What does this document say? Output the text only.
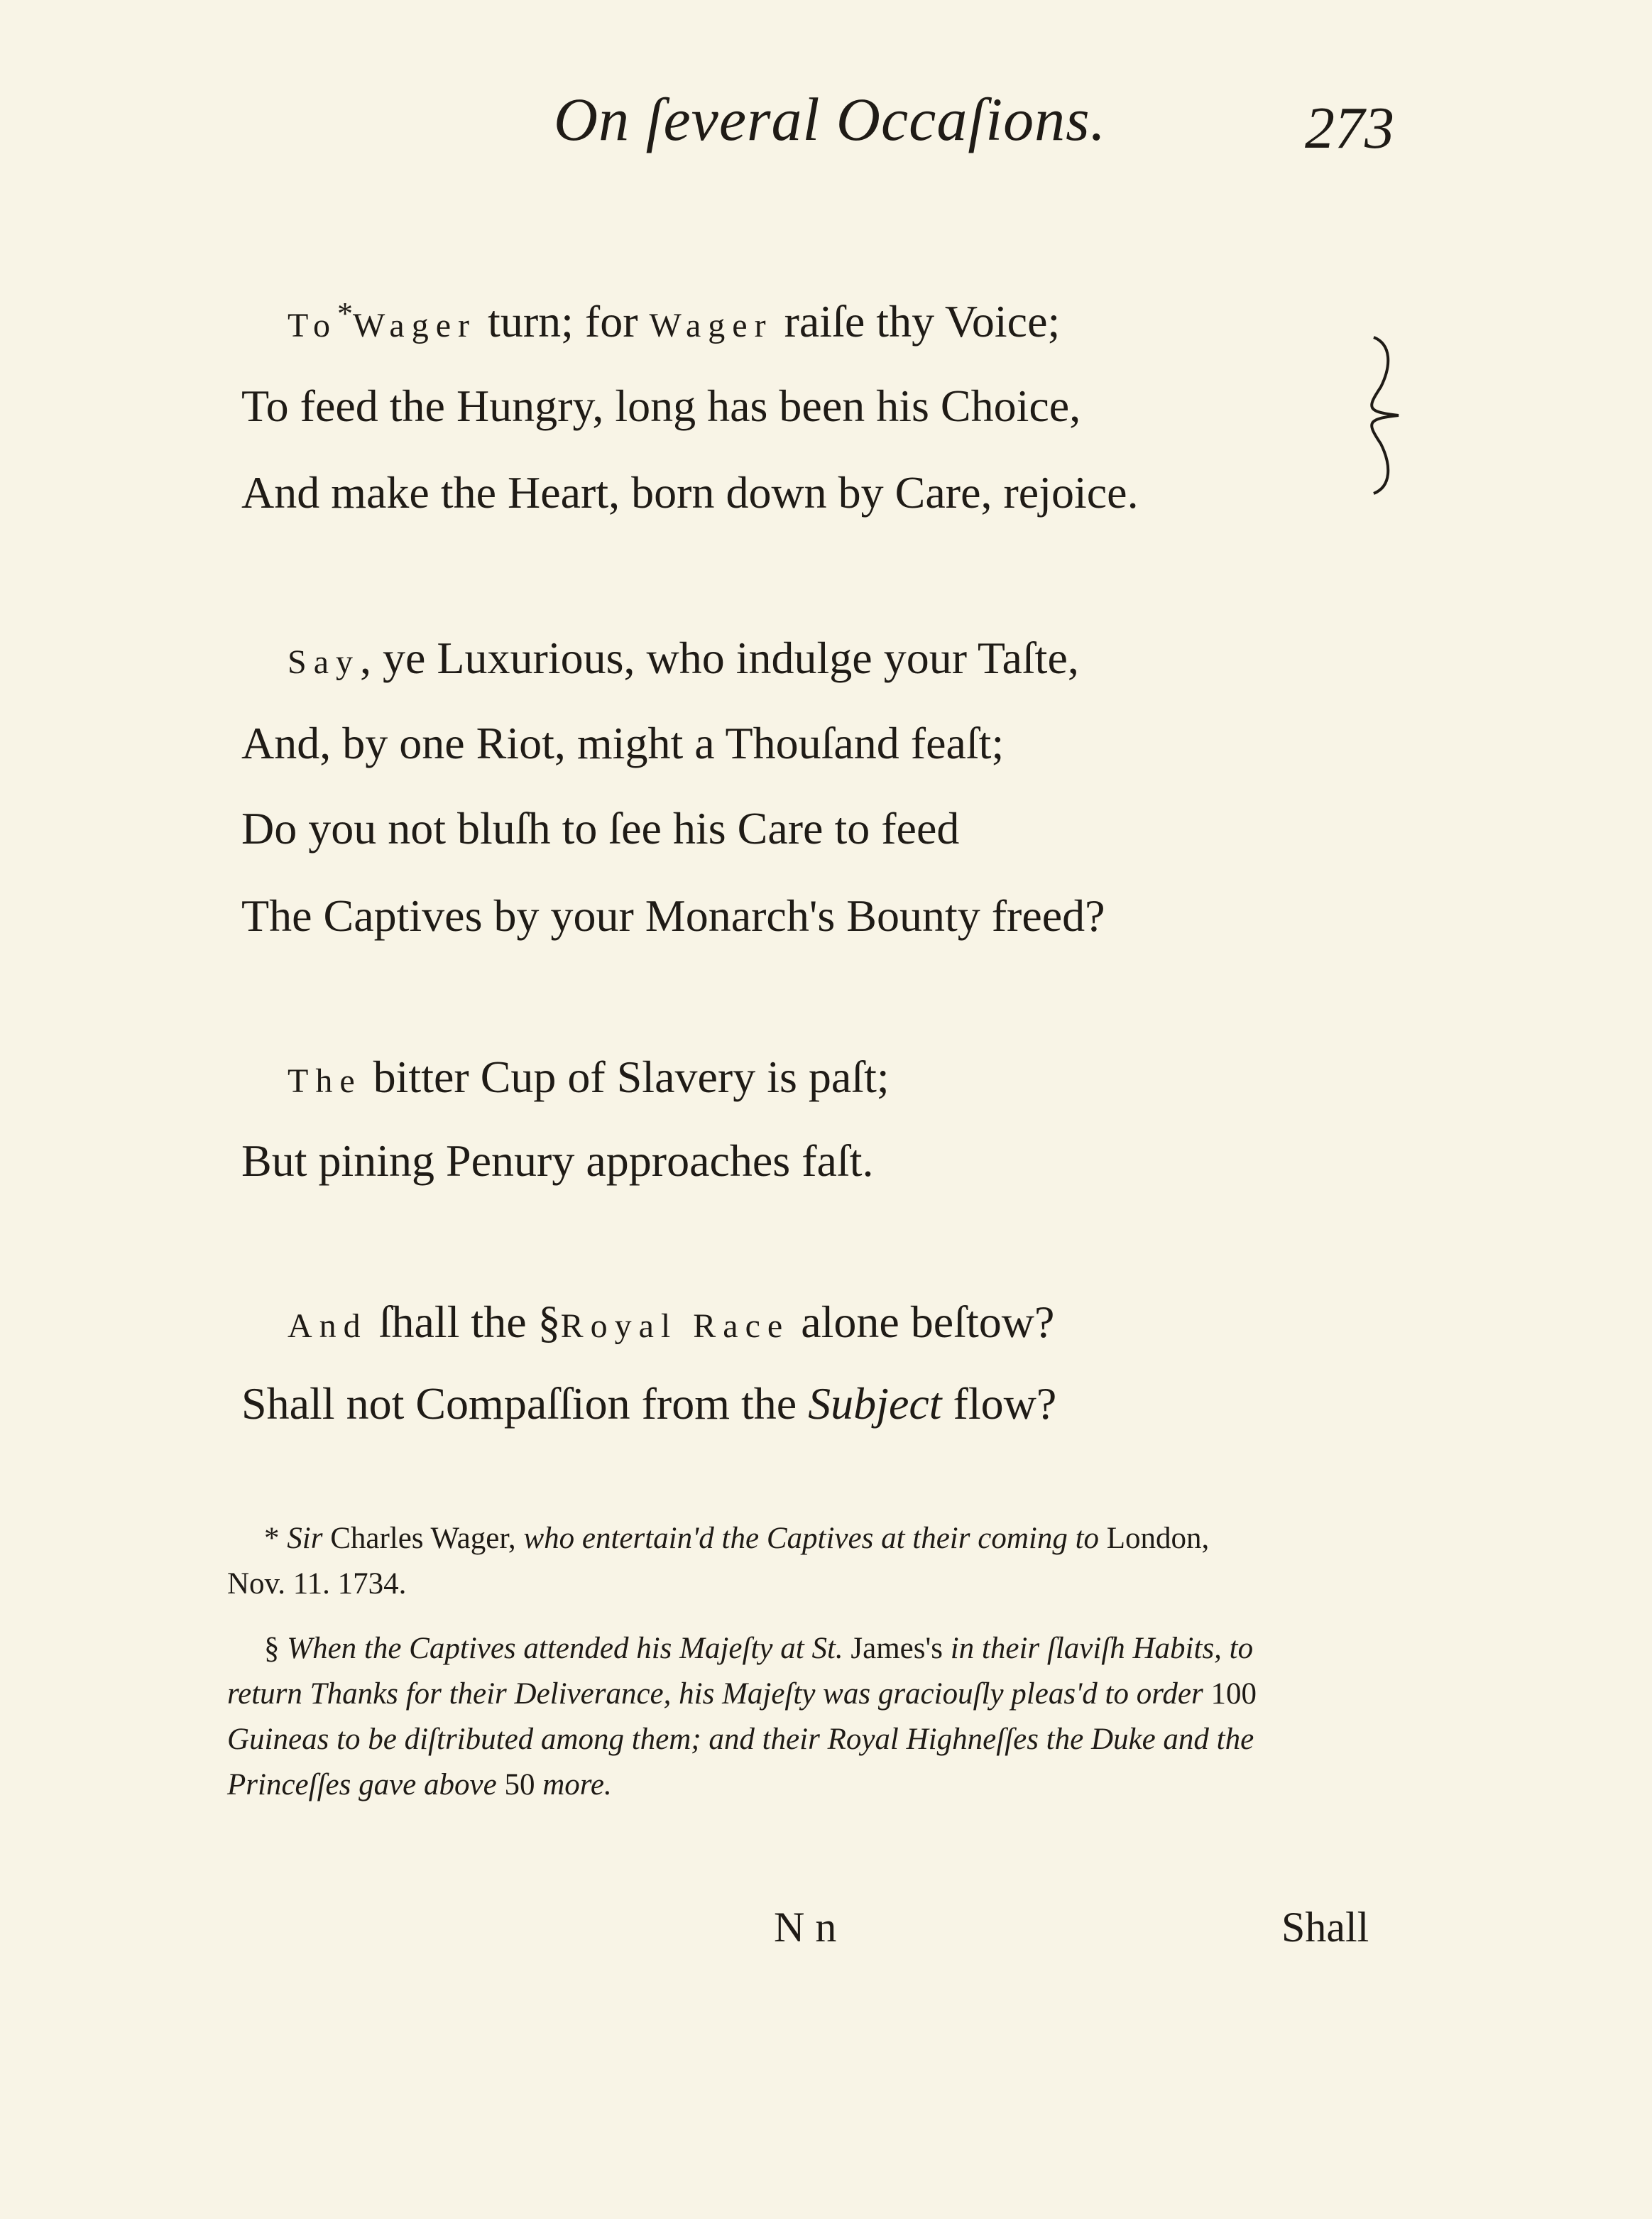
On ſeveral Occaſions.	273
To*Wager turn; for Wager raiſe thy Voice;
To feed the Hungry, long has been his Choice,
And make the Heart, born down by Care, rejoice.
Say, ye Luxurious, who indulge your Taſte,
And, by one Riot, might a Thouſand feaſt;
Do you not bluſh to ſee his Care to feed
The Captives by your Monarch's Bounty freed?
The bitter Cup of Slavery is paſt;
But pining Penury approaches faſt.
And ſhall the §Royal Race alone beſtow?
Shall not Compaſſion from the Subject flow?
* Sir Charles Wager, who entertain'd the Captives at their coming to London,
Nov. 11. 1734.
§ When the Captives attended his Majeſty at St. James's in their ſlaviſh Habits, to
return Thanks for their Deliverance, his Majeſty was graciouſly pleas'd to order 100
Guineas to be diſtributed among them; and their Royal Highneſſes the Duke and the
Princeſſes gave above 50 more.
N n	Shall
